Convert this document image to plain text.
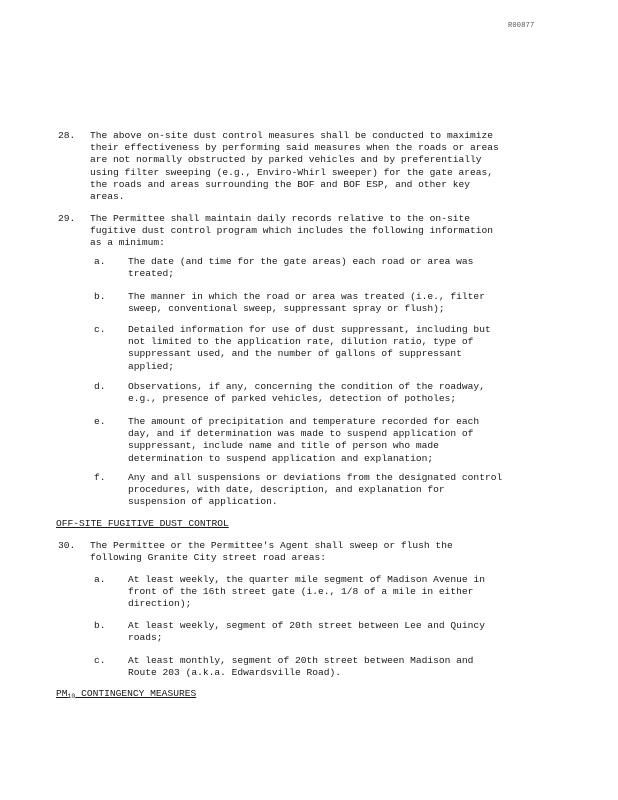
R00877
28. The above on-site dust control measures shall be conducted to maximize
their effectiveness by performing said measures when the roads or areas
are not normally obstructed by parked vehicles and by preferentially
using filter sweeping (e.g., Enviro-Whirl sweeper) for the gate areas,
the roads and areas surrounding the BOF and BOF ESP, and other key
areas.
29. The Permittee shall maintain daily records relative to the on-site
fugitive dust control program which includes the following information
as a minimum:
a. The date (and time for the gate areas) each road or area was
treated;
b. The manner in which the road or area was treated (i.e., filter
sweep, conventional sweep, suppressant spray or flush);
c. Detailed information for use of dust suppressant, including but
not limited to the application rate, dilution ratio, type of
suppressant used, and the number of gallons of suppressant
applied;
d. Observations, if any, concerning the condition of the roadway,
e.g., presence of parked vehicles, detection of potholes;
e. The amount of precipitation and temperature recorded for each
day, and if determination was made to suspend application of
suppressant, include name and title of person who made
determination to suspend application and explanation;
f. Any and all suspensions or deviations from the designated control
procedures, with date, description, and explanation for
suspension of application.
OFF-SITE FUGITIVE DUST CONTROL
30. The Permittee or the Permittee's Agent shall sweep or flush the
following Granite City street road areas:
a. At least weekly, the quarter mile segment of Madison Avenue in
front of the 16th street gate (i.e., 1/8 of a mile in either
direction);
b. At least weekly, segment of 20th street between Lee and Quincy
roads;
c. At least monthly, segment of 20th street between Madison and
Route 203 (a.k.a. Edwardsville Road).
$PM_{10}$ CONTINGENCY MEASURES
